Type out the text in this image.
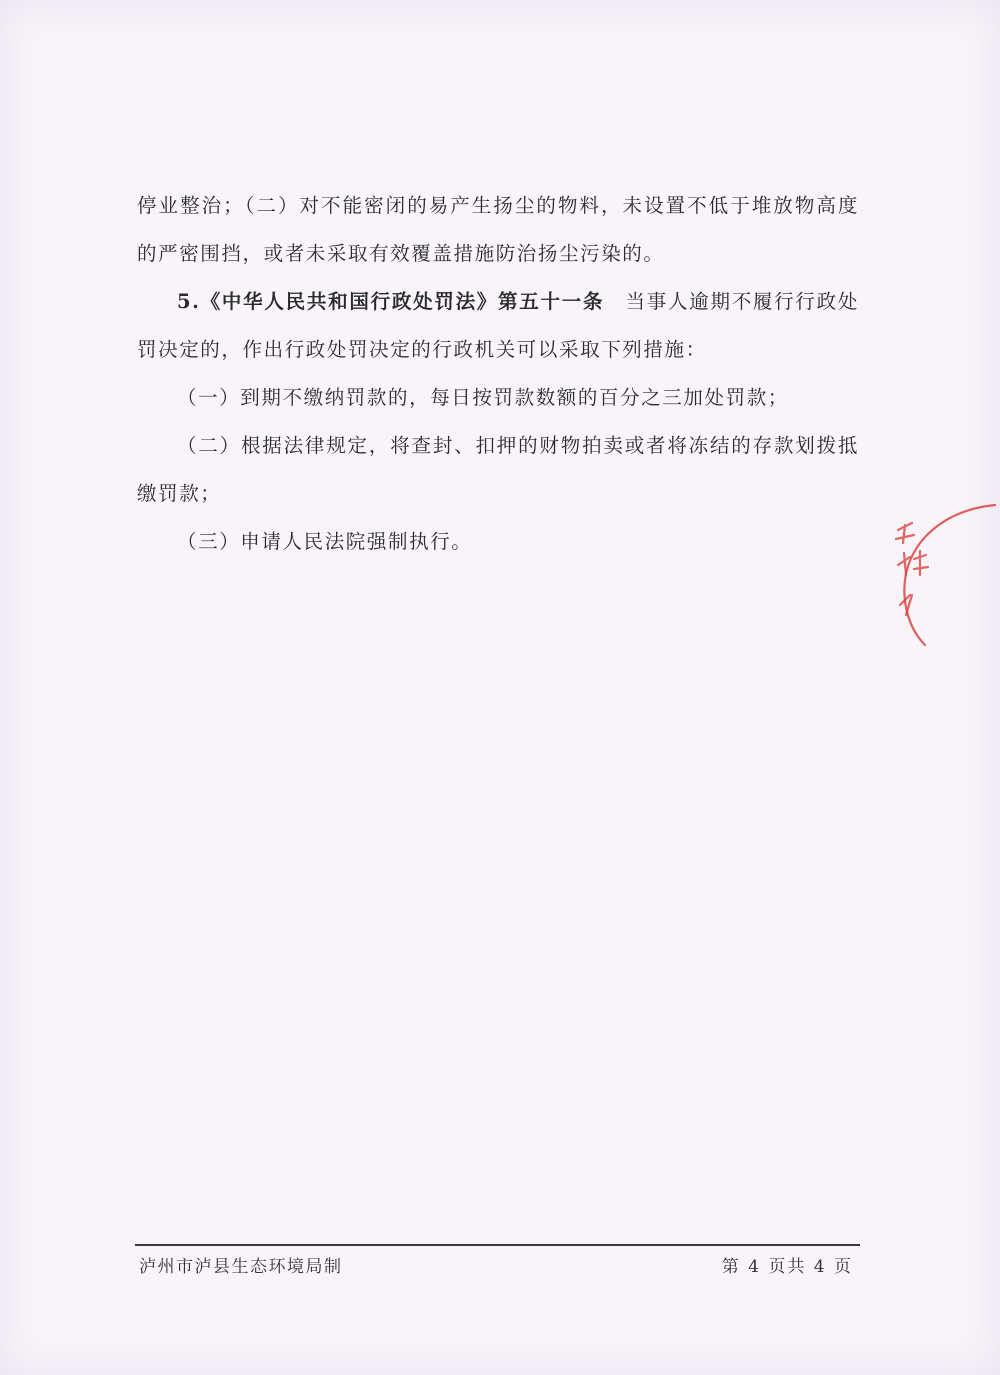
停业整治；（二）对不能密闭的易产生扬尘的物料，未设置不低于堆放物高度的严密围挡，或者未采取有效覆盖措施防治扬尘污染的。

5.《中华人民共和国行政处罚法》第五十一条　当事人逾期不履行行政处罚决定的，作出行政处罚决定的行政机关可以采取下列措施：

（一）到期不缴纳罚款的，每日按罚款数额的百分之三加处罚款；

（二）根据法律规定，将查封、扣押的财物拍卖或者将冻结的存款划拨抵缴罚款；

（三）申请人民法院强制执行。

泸州市泸县生态环境局制	第 4 页共 4 页
